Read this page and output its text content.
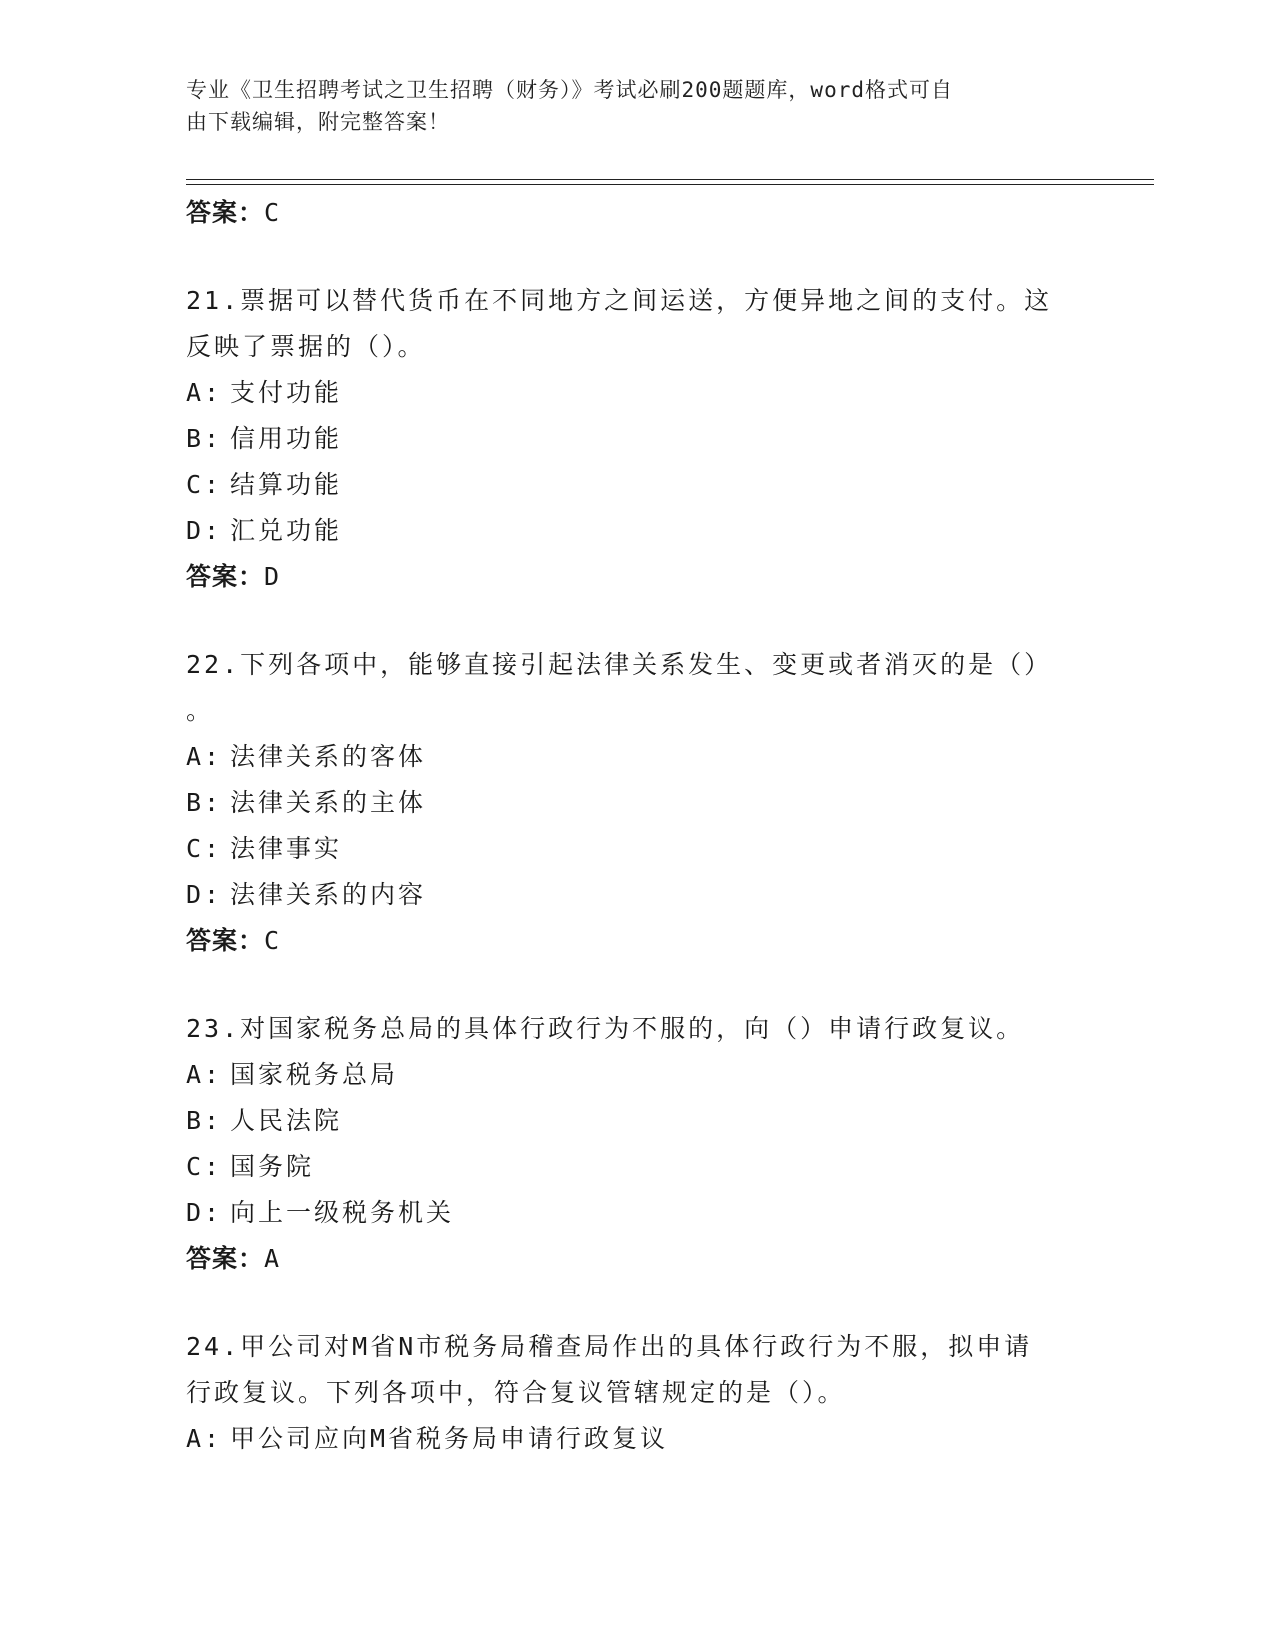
专业《卫生招聘考试之卫生招聘（财务）》考试必刷200题题库，word格式可自
由下载编辑，附完整答案！
答案： C
21.票据可以替代货币在不同地方之间运送，方便异地之间的支付。这
反映了票据的（）。
A: 支付功能
B: 信用功能
C: 结算功能
D: 汇兑功能
答案： D
22.下列各项中，能够直接引起法律关系发生、变更或者消灭的是（）
。
A: 法律关系的客体
B: 法律关系的主体
C: 法律事实
D: 法律关系的内容
答案： C
23.对国家税务总局的具体行政行为不服的，向（）申请行政复议。
A: 国家税务总局
B: 人民法院
C: 国务院
D: 向上一级税务机关
答案： A
24.甲公司对M省N市税务局稽查局作出的具体行政行为不服，拟申请
行政复议。下列各项中，符合复议管辖规定的是（）。
A: 甲公司应向M省税务局申请行政复议
